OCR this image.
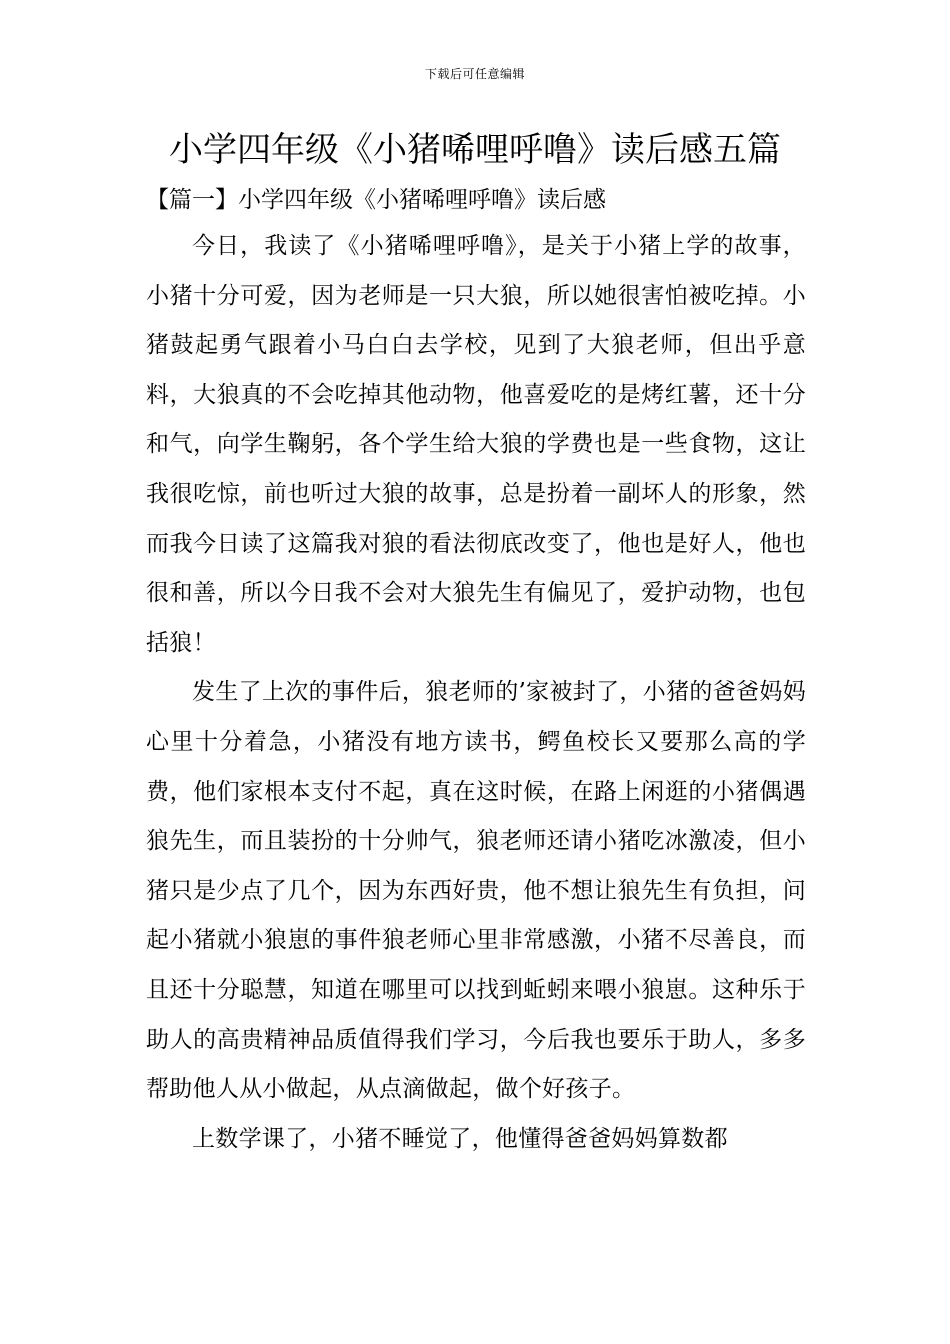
下载后可任意编辑
小学四年级《小猪唏哩呼噜》读后感五篇
【篇一】小学四年级《小猪唏哩呼噜》读后感

今日，我读了《小猪唏哩呼噜》，是关于小猪上学的故事，小猪十分可爱，因为老师是一只大狼，所以她很害怕被吃掉。小猪鼓起勇气跟着小马白白去学校，见到了大狼老师，但出乎意料，大狼真的不会吃掉其他动物，他喜爱吃的是烤红薯，还十分和气，向学生鞠躬，各个学生给大狼的学费也是一些食物，这让我很吃惊，前也听过大狼的故事，总是扮着一副坏人的形象，然而我今日读了这篇我对狼的看法彻底改变了，他也是好人，他也很和善，所以今日我不会对大狼先生有偏见了，爱护动物，也包括狼！

发生了上次的事件后，狼老师的’家被封了，小猪的爸爸妈妈心里十分着急，小猪没有地方读书，鳄鱼校长又要那么高的学费，他们家根本支付不起，真在这时候，在路上闲逛的小猪偶遇狼先生，而且装扮的十分帅气，狼老师还请小猪吃冰激凌，但小猪只是少点了几个，因为东西好贵，他不想让狼先生有负担，问起小猪就小狼崽的事件狼老师心里非常感激，小猪不尽善良，而且还十分聪慧，知道在哪里可以找到蚯蚓来喂小狼崽。这种乐于助人的高贵精神品质值得我们学习，今后我也要乐于助人，多多帮助他人从小做起，从点滴做起，做个好孩子。

上数学课了，小猪不睡觉了，他懂得爸爸妈妈算数都
